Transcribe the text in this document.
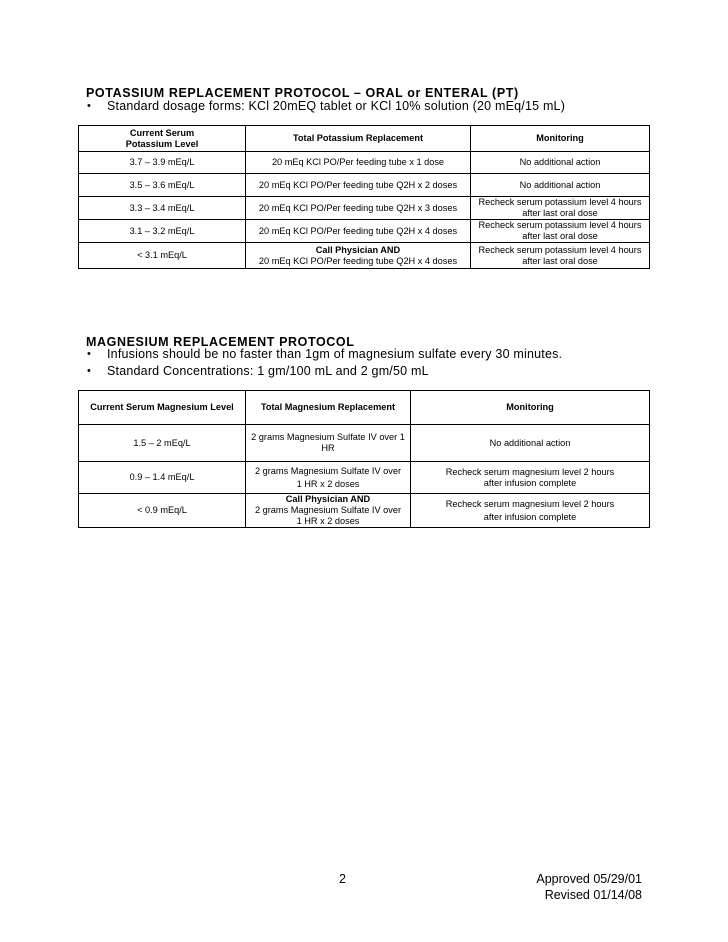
POTASSIUM REPLACEMENT PROTOCOL – ORAL or ENTERAL (PT)
• Standard dosage forms: KCl 20mEQ tablet or KCl 10% solution (20 mEq/15 mL)
Current Serum Potassium Level	Total Potassium Replacement	Monitoring
3.7 – 3.9 mEq/L	20 mEq KCl PO/Per feeding tube x 1 dose	No additional action
3.5 – 3.6 mEq/L	20 mEq KCl PO/Per feeding tube Q2H x 2 doses	No additional action
3.3 – 3.4 mEq/L	20 mEq KCl PO/Per feeding tube Q2H x 3 doses	Recheck serum potassium level 4 hours after last oral dose

3.1 – 3.2 mEq/L	20 mEq KCl PO/Per feeding tube Q2H x 4 doses	Recheck serum potassium level 4 hours after last oral dose

< 3.1 mEq/L	Call Physician AND
20 mEq KCl PO/Per feeding tube Q2H x 4 doses	Recheck serum potassium level 4 hours after last oral dose
MAGNESIUM REPLACEMENT PROTOCOL
• Infusions should be no faster than 1gm of magnesium sulfate every 30 minutes.
• Standard Concentrations: 1 gm/100 mL and 2 gm/50 mL
Current Serum Magnesium Level	Total Magnesium Replacement	Monitoring
1.5 – 2 mEq/L	2 grams Magnesium Sulfate IV over 1 HR	No additional action
0.9 – 1.4 mEq/L	2 grams Magnesium Sulfate IV over 1 HR x 2 doses	Recheck serum magnesium level 2 hours after infusion complete

< 0.9 mEq/L	Call Physician AND
2 grams Magnesium Sulfate IV over 1 HR x 2 doses	Recheck serum magnesium level 2 hours after infusion complete
2	Approved 05/29/01
Revised 01/14/08
